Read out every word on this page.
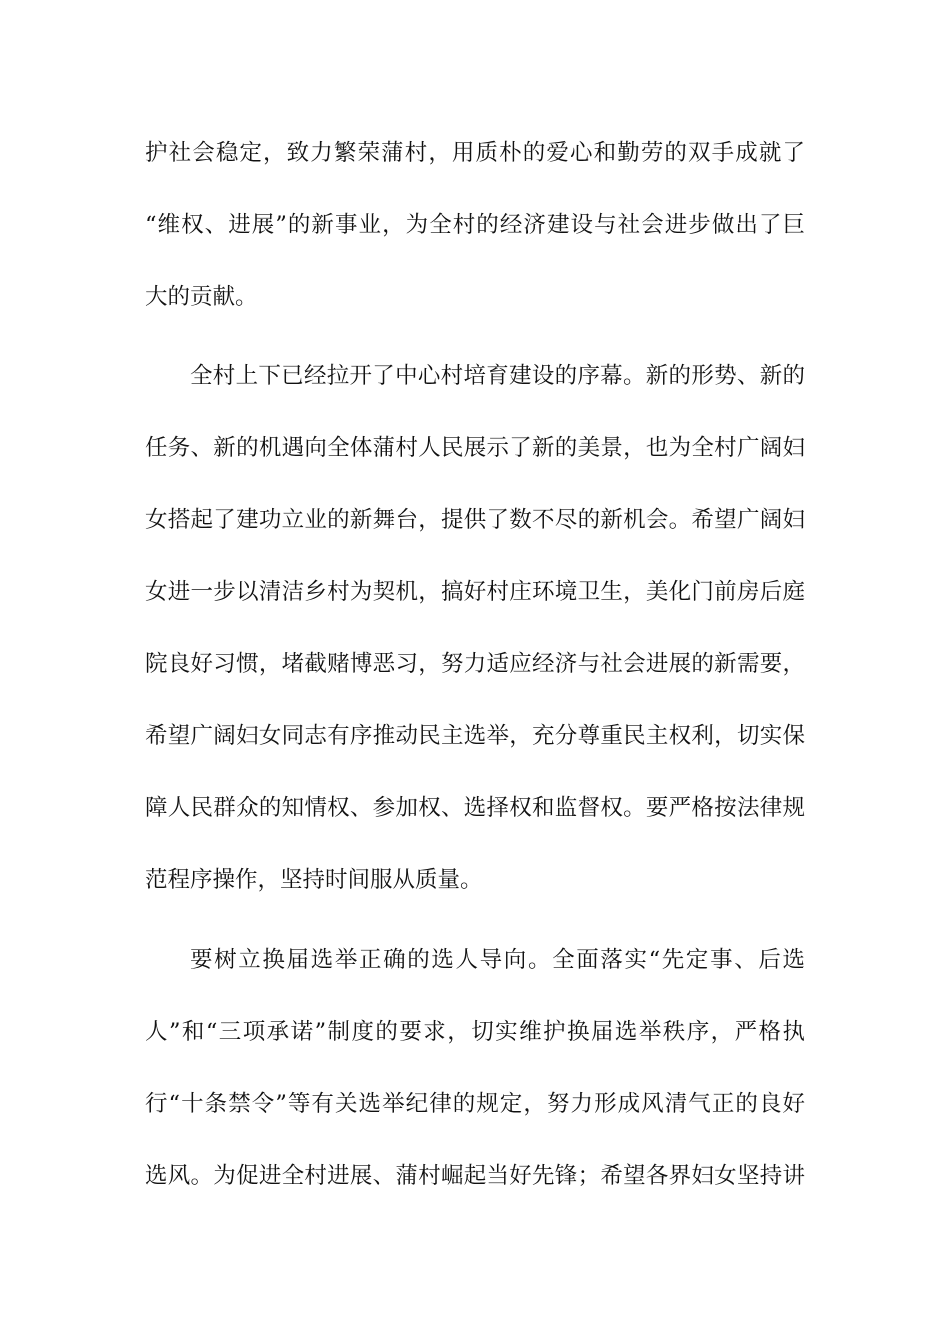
护社会稳定，致力繁荣蒲村，用质朴的爱心和勤劳的双手成就了
“维权、进展”的新事业，为全村的经济建设与社会进步做出了巨
大的贡献。
全村上下已经拉开了中心村培育建设的序幕。新的形势、新的
任务、新的机遇向全体蒲村人民展示了新的美景，也为全村广阔妇
女搭起了建功立业的新舞台，提供了数不尽的新机会。希望广阔妇
女进一步以清洁乡村为契机，搞好村庄环境卫生，美化门前房后庭
院良好习惯，堵截赌博恶习，努力适应经济与社会进展的新需要，
希望广阔妇女同志有序推动民主选举，充分尊重民主权利，切实保
障人民群众的知情权、参加权、选择权和监督权。要严格按法律规
范程序操作，坚持时间服从质量。
要树立换届选举正确的选人导向。全面落实“先定事、后选
人”和“三项承诺”制度的要求，切实维护换届选举秩序，严格执
行“十条禁令”等有关选举纪律的规定，努力形成风清气正的良好
选风。为促进全村进展、蒲村崛起当好先锋；希望各界妇女坚持讲
